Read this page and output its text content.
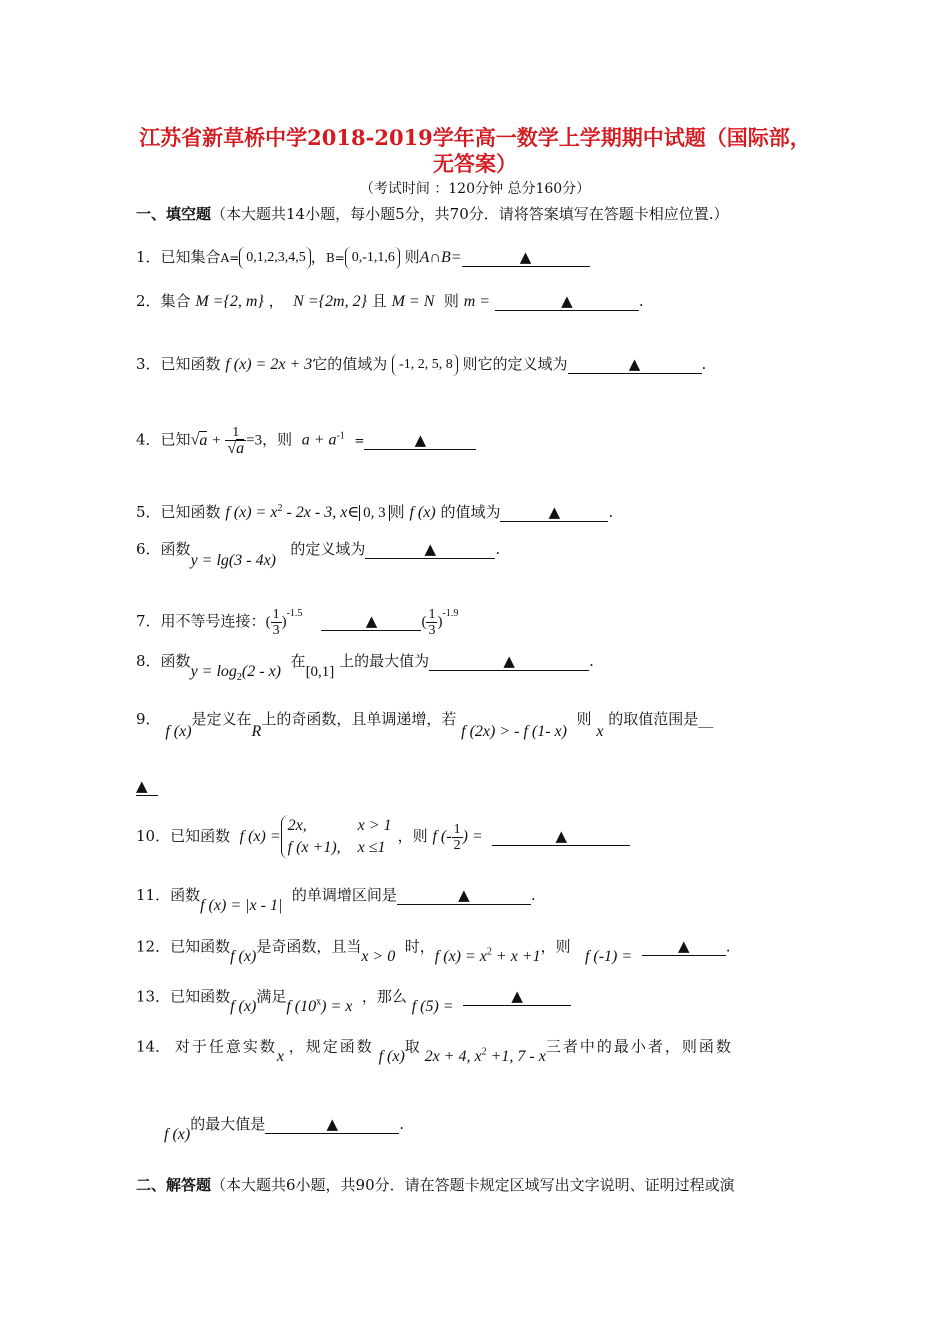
江苏省新草桥中学2018-2019学年高一数学上学期期中试题（国际部，
无答案）
（考试时间 ：120分钟 总分160分）
一、填空题（本大题共14小题，每小题5分，共70分．请将答案填写在答题卡相应位置.）
1．已知集合A= 0,1,2,3,4,5 ，B= 0,-1,1,6 则A∩B=	▲
2．集合 M ={2, m} ， N ={2m, 2} 且 M = N 则 m =	▲	.
3．已知函数 f (x) = 2x + 3它的值域为 -1, 2, 5, 8 则它的定义域为	▲	.
4．已知$√a + \frac{1}{√a} =3$，则 $a + a^{-1}$ =	▲
5．已知函数 f $(x) = x^2 - 2x - 3$, x∈ 0, 3 则 f (x) 的值域为	▲	.
6．函数y = lg(3 - 4x)   的定义域为	▲	.
7．用不等号连接：( $\frac{1}{3} )^{-1.5}$	▲	( $\frac{1}{3} )^{-1.9}$
8．函数$y = \log_2(2 - x)$  在[0,1] 上的最大值为	▲	.
9． f (x)是定义在R上的奇函数，且单调递增，若 f (2x) > - f (1- x)  则 x 的取值范围是__
▲
10．已知函数 f (x) =
2x,	x > 1
f (x +1),	x ≤1
，则 f (- $\frac{1}{2}$ ) =	▲
11．函数f (x) = |x - 1|  的单调增区间是	▲	.
12．已知函数f (x)是奇函数，且当x > 0  时，f $(x) = x^2 + x +1$，则   f (-1) =  ▲ .
13．已知函数f (x)满足f $(10^x) = x$  ，那么 f (5) =  ▲
14． 对于任意实数x ，规定函数 f (x)取 2x + 4, $x^2 +1$, 7 - x三者中的最小者，则函数
f (x)的最大值是	▲	.
二、解答题（本大题共6小题，共90分．请在答题卡规定区域写出文字说明、证明过程或演
